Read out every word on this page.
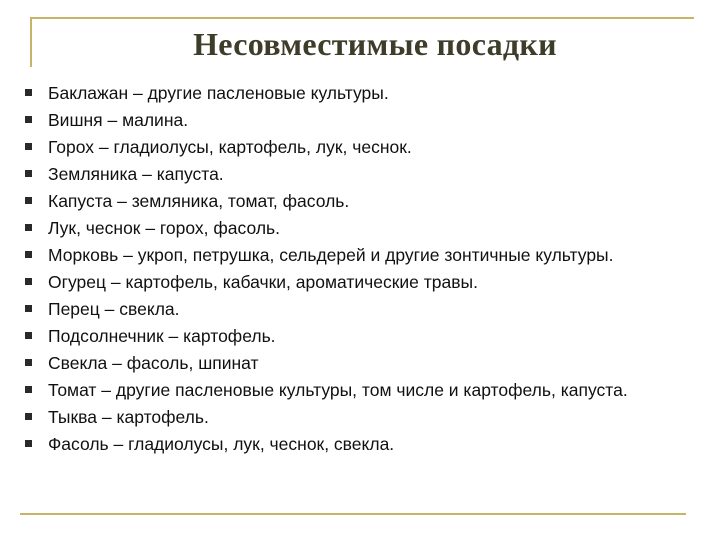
Несовместимые посадки
Баклажан – другие пасленовые культуры.
Вишня – малина.
Горох – гладиолусы, картофель, лук, чеснок.
Земляника – капуста.
Капуста – земляника, томат, фасоль.
Лук, чеснок – горох, фасоль.
Морковь – укроп, петрушка, сельдерей и другие зонтичные культуры.
Огурец – картофель, кабачки, ароматические травы.
Перец – свекла.
Подсолнечник – картофель.
Свекла – фасоль, шпинат
Томат – другие пасленовые культуры, том числе и картофель, капуста.
Тыква – картофель.
Фасоль – гладиолусы, лук, чеснок, свекла.
